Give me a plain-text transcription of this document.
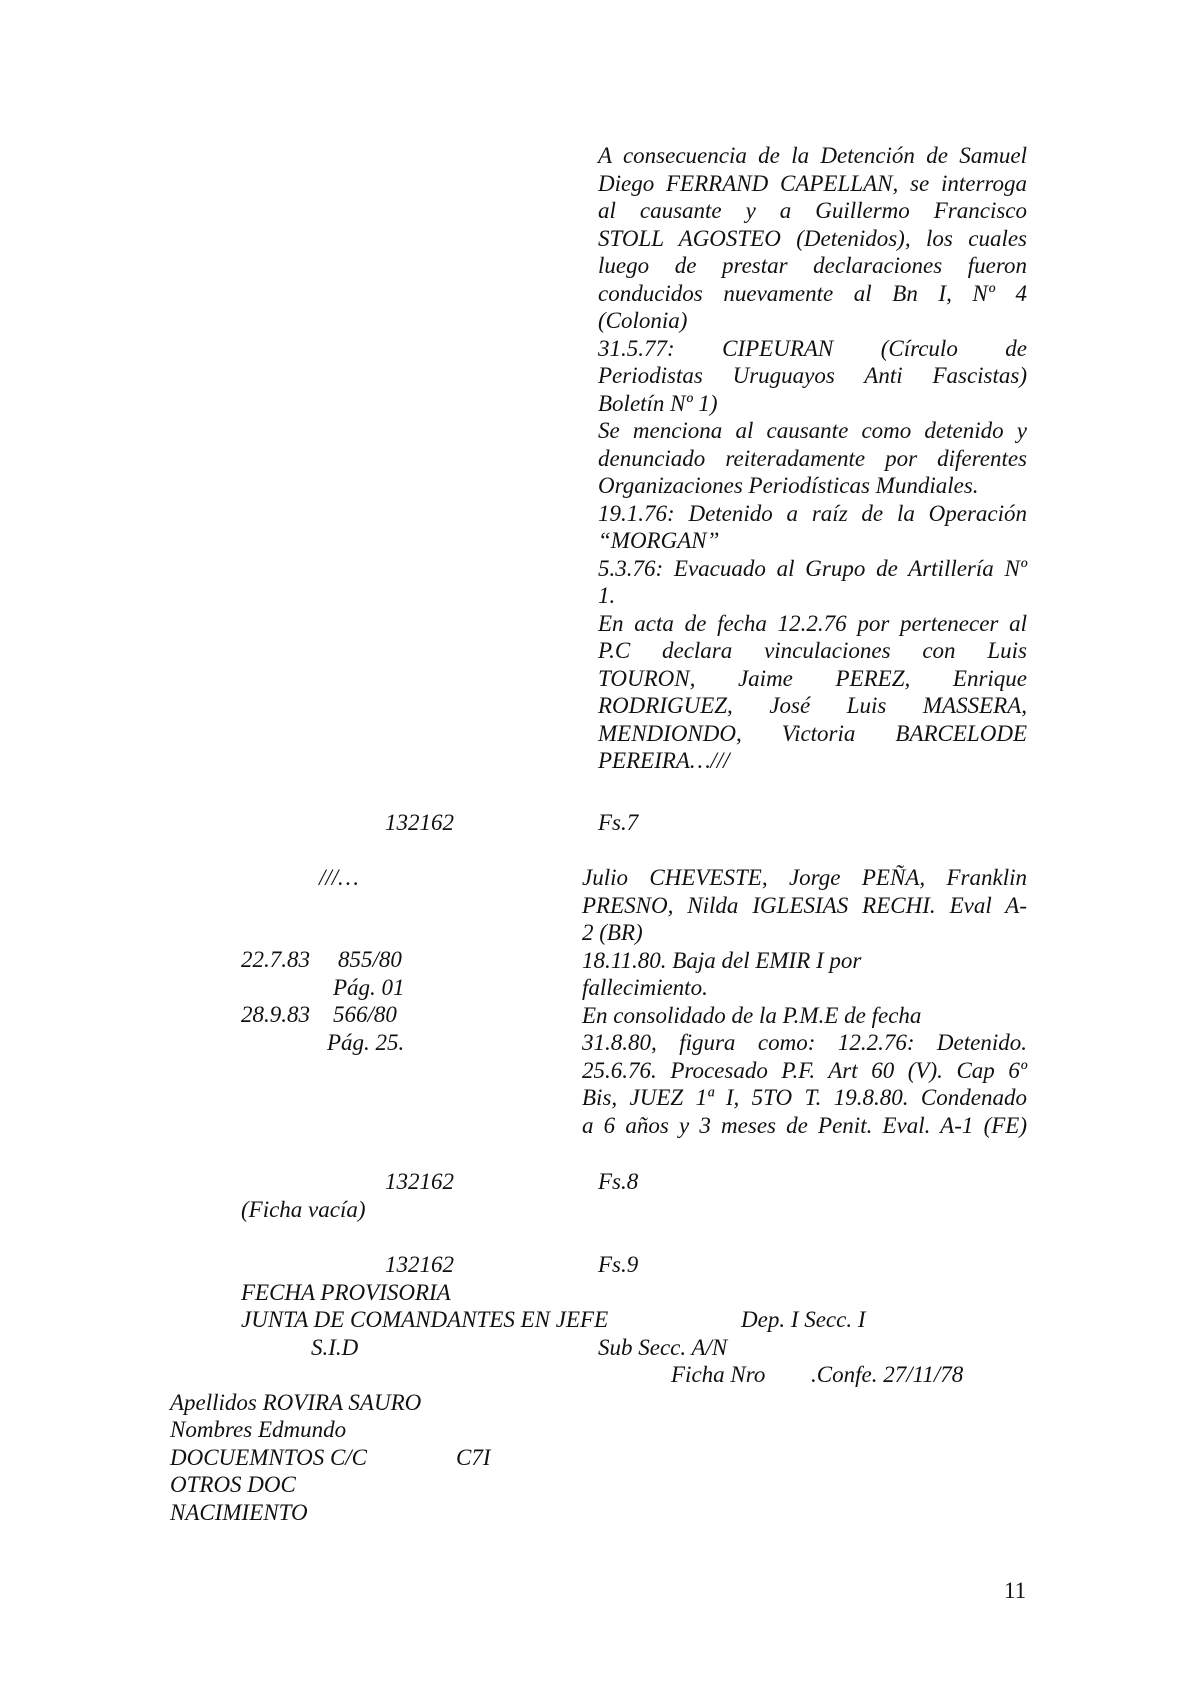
A consecuencia de la Detención de Samuel
Diego FERRAND CAPELLAN, se interroga
al causante y a Guillermo Francisco
STOLL AGOSTEO (Detenidos), los cuales
luego de prestar declaraciones fueron
conducidos nuevamente al Bn I, Nº 4
(Colonia)
31.5.77: CIPEURAN (Círculo de
Periodistas Uruguayos Anti Fascistas)
Boletín Nº 1)
Se menciona al causante como detenido y
denunciado reiteradamente por diferentes
Organizaciones Periodísticas Mundiales.
19.1.76: Detenido a raíz de la Operación
“MORGAN”
5.3.76: Evacuado al Grupo de Artillería Nº
1.
En acta de fecha 12.2.76 por pertenecer al
P.C declara vinculaciones con Luis
TOURON, Jaime PEREZ, Enrique
RODRIGUEZ, José Luis MASSERA,
MENDIONDO, Victoria BARCELODE
PEREIRA…///
132162	Fs.7
///…
22.7.83 855/80
Pág. 01
28.9.83 566/80
Pág. 25.
Julio CHEVESTE, Jorge PEÑA, Franklin
PRESNO, Nilda IGLESIAS RECHI. Eval A-
2 (BR)
18.11.80. Baja del EMIR I por
fallecimiento.
En consolidado de la P.M.E de fecha
31.8.80, figura como: 12.2.76: Detenido.
25.6.76. Procesado P.F. Art 60 (V). Cap 6º
Bis, JUEZ 1ª I, 5TO T. 19.8.80. Condenado
a 6 años y 3 meses de Penit. Eval. A-1 (FE)
132162	Fs.8
(Ficha vacía)
132162	Fs.9
FECHA PROVISORIA
JUNTA DE COMANDANTES EN JEFE	Dep. I Secc. I
S.I.D	Sub Secc. A/N
Ficha Nro .Confe. 27/11/78
Apellidos ROVIRA SAURO
Nombres Edmundo
DOCUEMNTOS C/C	C7I
OTROS DOC
NACIMIENTO
11
